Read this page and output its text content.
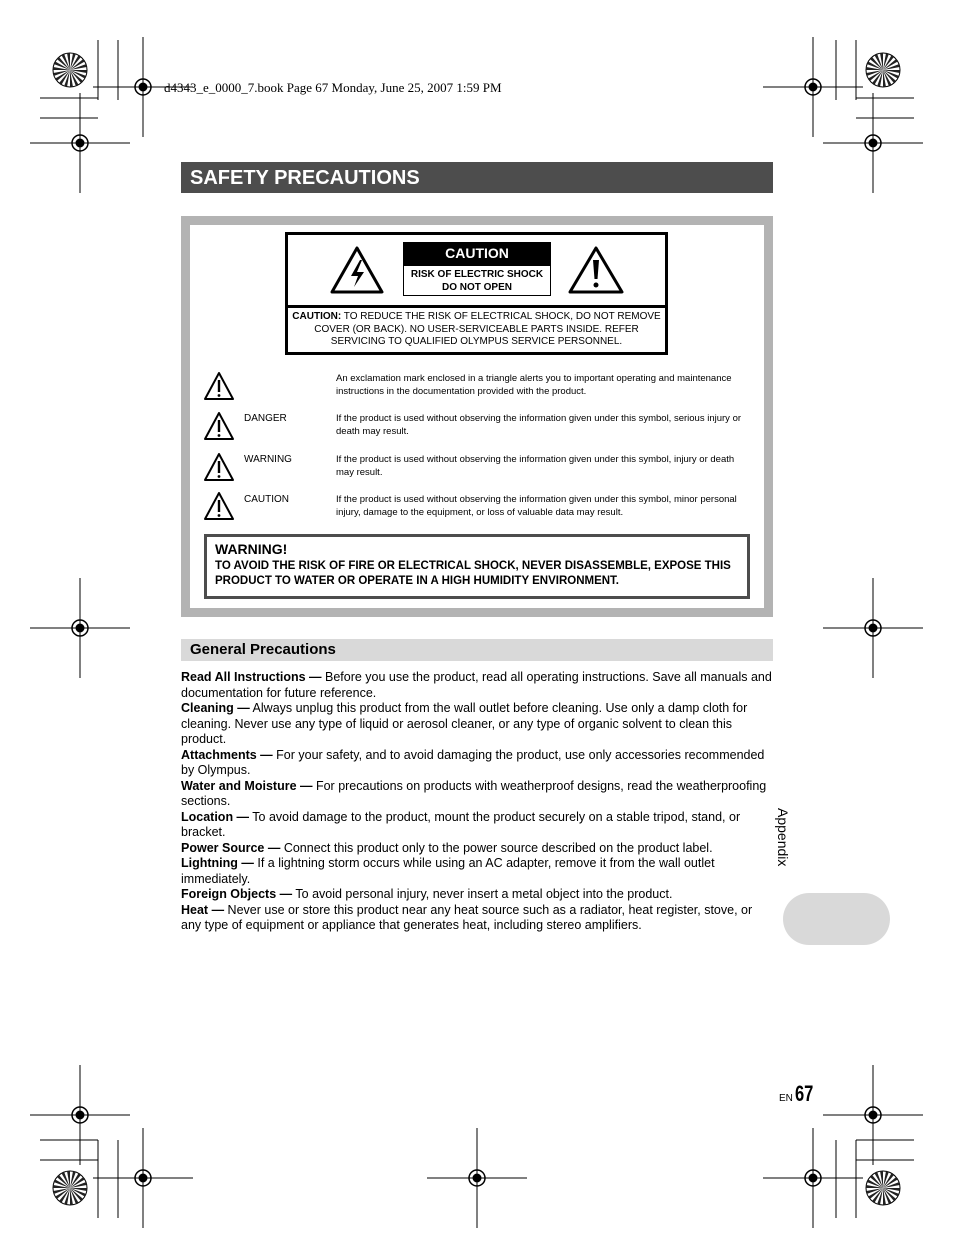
d4343_e_0000_7.book Page 67 Monday, June 25, 2007 1:59 PM
SAFETY PRECAUTIONS
CAUTION
RISK OF ELECTRIC SHOCK
DO NOT OPEN
CAUTION: TO REDUCE THE RISK OF ELECTRICAL SHOCK, DO NOT REMOVE COVER (OR BACK). NO USER-SERVICEABLE PARTS INSIDE. REFER SERVICING TO QUALIFIED OLYMPUS SERVICE PERSONNEL.
An exclamation mark enclosed in a triangle alerts you to important operating and maintenance instructions in the documentation provided with the product.
DANGER	If the product is used without observing the information given under this symbol, serious injury or death may result.
WARNING	If the product is used without observing the information given under this symbol, injury or death may result.
CAUTION	If the product is used without observing the information given under this symbol, minor personal injury, damage to the equipment, or loss of valuable data may result.
WARNING!
TO AVOID THE RISK OF FIRE OR ELECTRICAL SHOCK, NEVER DISASSEMBLE, EXPOSE THIS PRODUCT TO WATER OR OPERATE IN A HIGH HUMIDITY ENVIRONMENT.
General Precautions

Read All Instructions — Before you use the product, read all operating instructions. Save all manuals and documentation for future reference.

Cleaning — Always unplug this product from the wall outlet before cleaning. Use only a damp cloth for cleaning. Never use any type of liquid or aerosol cleaner, or any type of organic solvent to clean this product.

Attachments — For your safety, and to avoid damaging the product, use only accessories recommended by Olympus.

Water and Moisture — For precautions on products with weatherproof designs, read the weatherproofing sections.

Location — To avoid damage to the product, mount the product securely on a stable tripod, stand, or bracket.

Power Source — Connect this product only to the power source described on the product label.

Lightning — If a lightning storm occurs while using an AC adapter, remove it from the wall outlet immediately.

Foreign Objects — To avoid personal injury, never insert a metal object into the product.

Heat — Never use or store this product near any heat source such as a radiator, heat register, stove, or any type of equipment or appliance that generates heat, including stereo amplifiers.

Appendix
EN 67
